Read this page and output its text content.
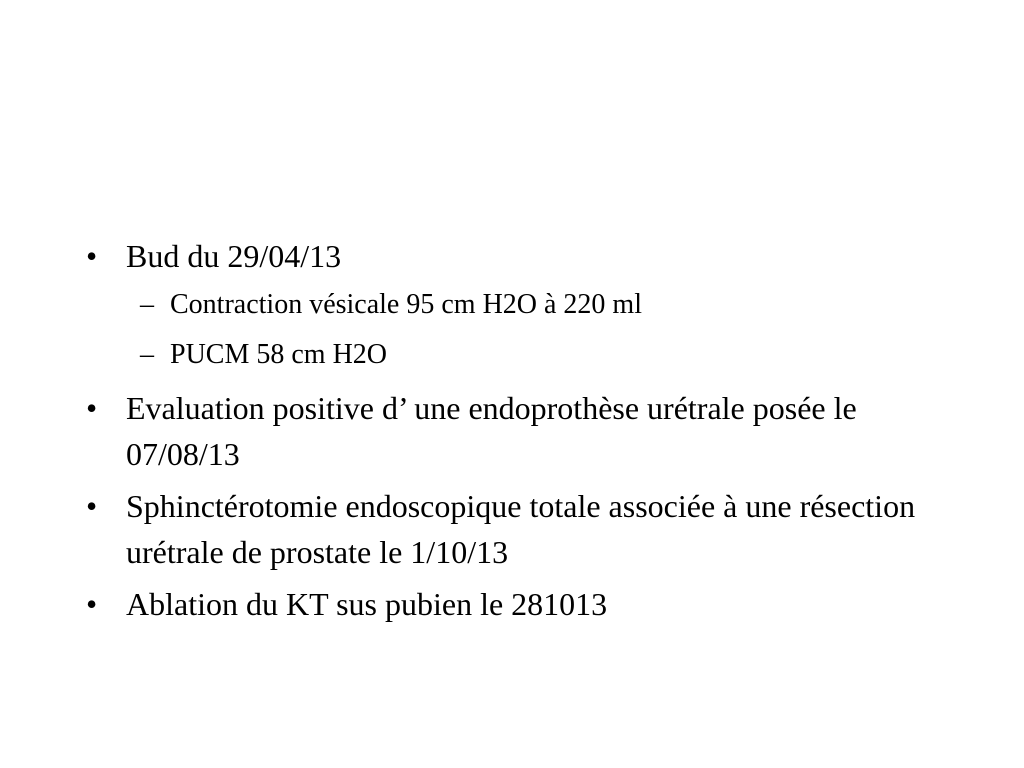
• Bud du 29/04/13
– Contraction vésicale 95 cm H2O à 220 ml
– PUCM 58 cm H2O
• Evaluation positive d’ une endoprothèse urétrale posée le 07/08/13
• Sphinctérotomie endoscopique totale associée à une résection urétrale de prostate le 1/10/13
• Ablation du KT sus pubien le 281013
